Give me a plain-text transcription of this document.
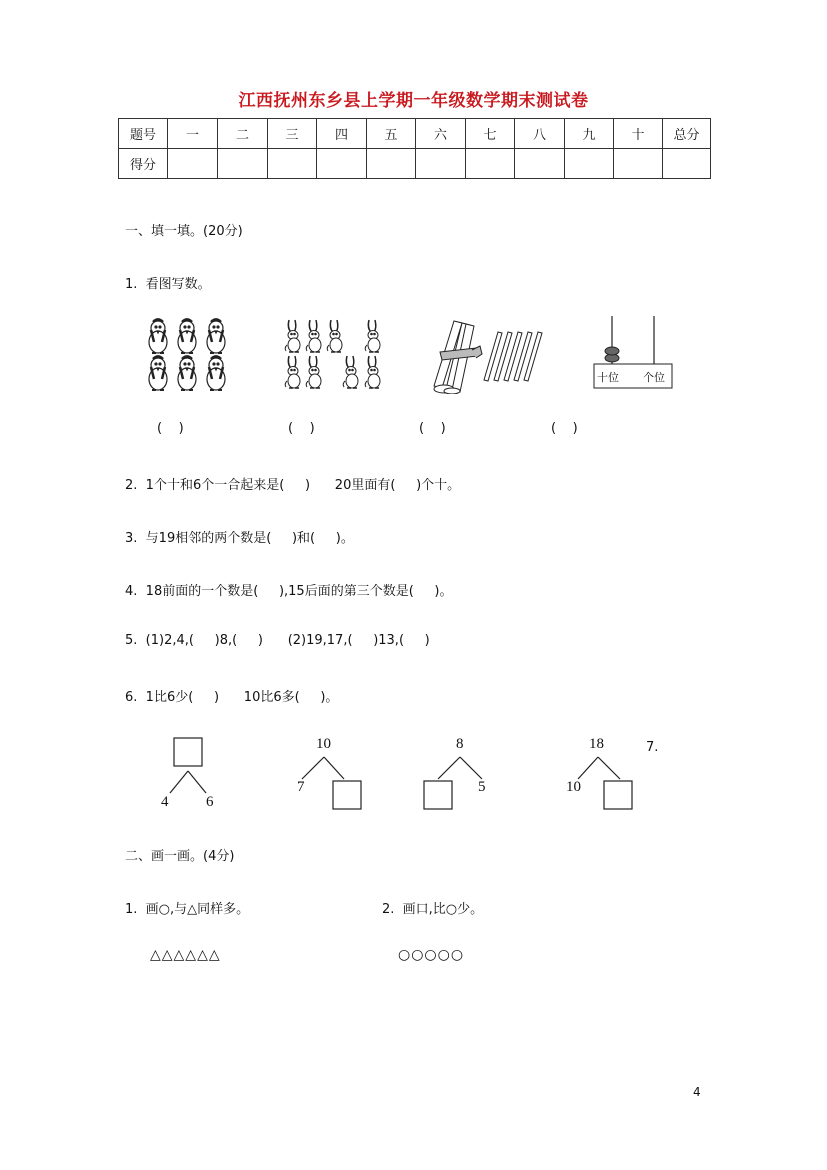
江西抚州东乡县上学期一年级数学期末测试卷
题号	一	二	三	四	五	六	七	八	九	十	总分
得分											
一、填一填。(20分)
1.  看图写数。
十位 个位
(    )	(    )	(    )	(    )
2.  1个十和6个一合起来是(     )      20里面有(     )个十。
3.  与19相邻的两个数是(     )和(     )。
4.  18前面的一个数是(     ),15后面的第三个数是(     )。
5.  (1)2,4,(     )8,(     )      (2)19,17,(     )13,(     )
6.  1比6少(     )      10比6多(     )。
4	6
10
7
8
5
18
10
7.
二、画一画。(4分)
1.  画○,与△同样多。	2.  画口,比○少。
△△△△△△	○○○○○
4
